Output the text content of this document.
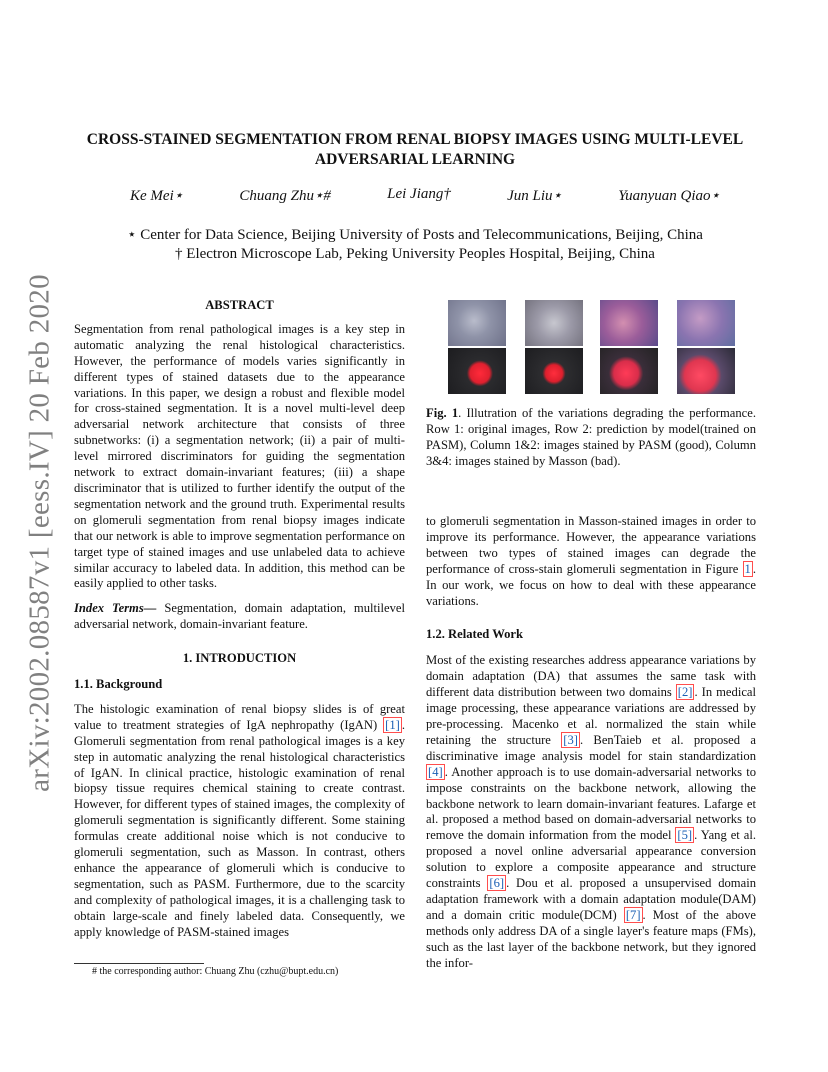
arXiv:2002.08587v1 [eess.IV] 20 Feb 2020
CROSS-STAINED SEGMENTATION FROM RENAL BIOPSY IMAGES USING MULTI-LEVEL
ADVERSARIAL LEARNING
Ke Mei⋆	Chuang Zhu⋆#	Lei Jiang†	Jun Liu⋆	Yuanyuan Qiao⋆
⋆ Center for Data Science, Beijing University of Posts and Telecommunications, Beijing, China
† Electron Microscope Lab, Peking University Peoples Hospital, Beijing, China
ABSTRACT

Segmentation from renal pathological images is a key step in automatic analyzing the renal histological characteristics. However, the performance of models varies significantly in different types of stained datasets due to the appearance variations. In this paper, we design a robust and flexible model for cross-stained segmentation. It is a novel multi-level deep adversarial network architecture that consists of three subnetworks: (i) a segmentation network; (ii) a pair of multi-level mirrored discriminators for guiding the segmentation network to extract domain-invariant features; (iii) a shape discriminator that is utilized to further identify the output of the segmentation network and the ground truth. Experimental results on glomeruli segmentation from renal biopsy images indicate that our network is able to improve segmentation performance on target type of stained images and use unlabeled data to achieve similar accuracy to labeled data. In addition, this method can be easily applied to other tasks.

Index Terms— Segmentation, domain adaptation, multilevel adversarial network, domain-invariant feature.

1. INTRODUCTION
1.1. Background

The histologic examination of renal biopsy slides is of great value to treatment strategies of IgA nephropathy (IgAN) [1] . Glomeruli segmentation from renal pathological images is a key step in automatic analyzing the renal histological characteristics of IgAN. In clinical practice, histologic examination of renal biopsy tissue requires chemical staining to create contrast. However, for different types of stained images, the complexity of glomeruli segmentation is significantly different. Some staining formulas create additional noise which is not conducive to glomeruli segmentation, such as Masson. In contrast, others enhance the appearance of glomeruli which is conducive to segmentation, such as PASM. Furthermore, due to the scarcity and complexity of pathological images, it is a challenging task to obtain large-scale and finely labeled data. Consequently, we apply knowledge of PASM-stained images

# the corresponding author: Chuang Zhu (czhu@bupt.edu.cn)
Fig. 1. Illutration of the variations degrading the performance. Row 1: original images, Row 2: prediction by model(trained on PASM), Column 1&2: images stained by PASM (good), Column 3&4: images stained by Masson (bad).

to glomeruli segmentation in Masson-stained images in order to improve its performance. However, the appearance variations between two types of stained images can degrade the performance of cross-stain glomeruli segmentation in Figure 1 . In our work, we focus on how to deal with these appearance variations.

1.2. Related Work

Most of the existing researches address appearance variations by domain adaptation (DA) that assumes the same task with different data distribution between two domains [2] . In medical image processing, these appearance variations are addressed by pre-processing. Macenko et al. normalized the stain while retaining the structure [3] . BenTaieb et al. proposed a discriminative image analysis model for stain standardization [4] . Another approach is to use domain-adversarial networks to impose constraints on the backbone network, allowing the backbone network to learn domain-invariant features. Lafarge et al. proposed a method based on domain-adversarial networks to remove the domain information from the model [5] . Yang et al. proposed a novel online adversarial appearance conversion solution to explore a composite appearance and structure constraints [6] . Dou et al. proposed a unsupervised domain adaptation framework with a domain adaptation module(DAM) and a domain critic module(DCM) [7] . Most of the above methods only address DA of a single layer's feature maps (FMs), such as the last layer of the backbone network, but they ignored the infor-
